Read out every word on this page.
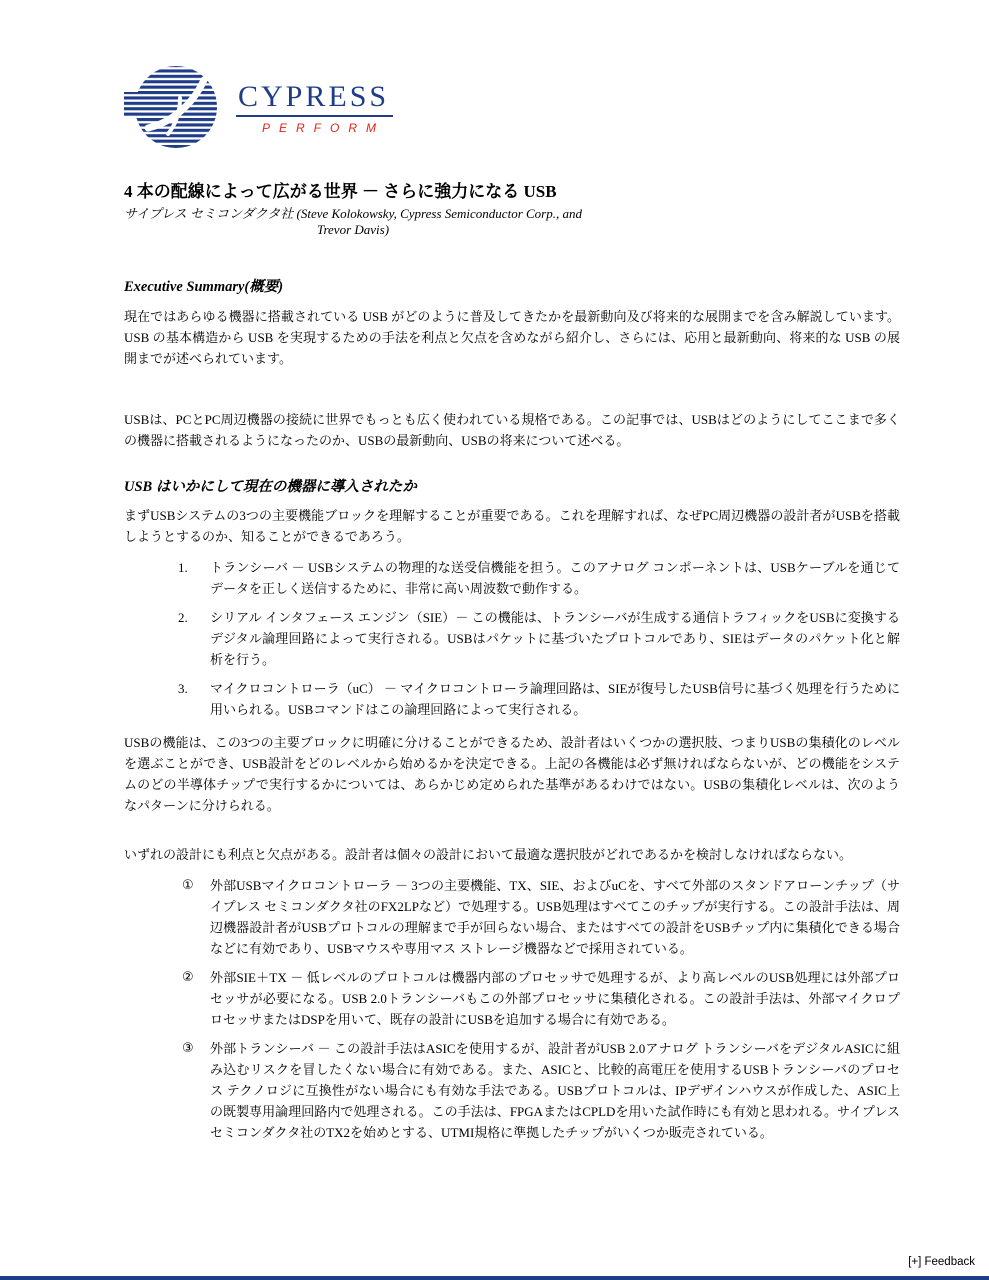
CYPRESS
PERFORM
4 本の配線によって広がる世界 － さらに強力になる USB
サイプレス セミコンダクタ社 (Steve Kolokowsky, Cypress Semiconductor Corp., and
Trevor Davis)
Executive Summary(概要)

現在ではあらゆる機器に搭載されている USB がどのように普及してきたかを最新動向及び将来的な展開までを含み解説しています。USB の基本構造から USB を実現するための手法を利点と欠点を含めながら紹介し、さらには、応用と最新動向、将来的な USB の展開までが述べられています。

USBは、PCとPC周辺機器の接続に世界でもっとも広く使われている規格である。この記事では、USBはどのようにしてここまで多くの機器に搭載されるようになったのか、USBの最新動向、USBの将来について述べる。

USB はいかにして現在の機器に導入されたか

まずUSBシステムの3つの主要機能ブロックを理解することが重要である。これを理解すれば、なぜPC周辺機器の設計者がUSBを搭載しようとするのか、知ることができるであろう。

1.	トランシーバ － USBシステムの物理的な送受信機能を担う。このアナログ コンポーネントは、USBケーブルを通じてデータを正しく送信するために、非常に高い周波数で動作する。
2.	シリアル インタフェース エンジン（SIE）－ この機能は、トランシーバが生成する通信トラフィックをUSBに変換するデジタル論理回路によって実行される。USBはパケットに基づいたプロトコルであり、SIEはデータのパケット化と解析を行う。
3.	マイクロコントローラ（uC） － マイクロコントローラ論理回路は、SIEが復号したUSB信号に基づく処理を行うために用いられる。USBコマンドはこの論理回路によって実行される。

USBの機能は、この3つの主要ブロックに明確に分けることができるため、設計者はいくつかの選択肢、つまりUSBの集積化のレベルを選ぶことができ、USB設計をどのレベルから始めるかを決定できる。上記の各機能は必ず無ければならないが、どの機能をシステムのどの半導体チップで実行するかについては、あらかじめ定められた基準があるわけではない。USBの集積化レベルは、次のようなパターンに分けられる。

いずれの設計にも利点と欠点がある。設計者は個々の設計において最適な選択肢がどれであるかを検討しなければならない。

①	外部USBマイクロコントローラ － 3つの主要機能、TX、SIE、およびuCを、すべて外部のスタンドアローンチップ（サイプレス セミコンダクタ社のFX2LPなど）で処理する。USB処理はすべてこのチップが実行する。この設計手法は、周辺機器設計者がUSBプロトコルの理解まで手が回らない場合、またはすべての設計をUSBチップ内に集積化できる場合などに有効であり、USBマウスや専用マス ストレージ機器などで採用されている。
②	外部SIE＋TX － 低レベルのプロトコルは機器内部のプロセッサで処理するが、より高レベルのUSB処理には外部プロセッサが必要になる。USB 2.0トランシーバもこの外部プロセッサに集積化される。この設計手法は、外部マイクロプロセッサまたはDSPを用いて、既存の設計にUSBを追加する場合に有効である。
③	外部トランシーバ － この設計手法はASICを使用するが、設計者がUSB 2.0アナログ トランシーバをデジタルASICに組み込むリスクを冒したくない場合に有効である。また、ASICと、比較的高電圧を使用するUSBトランシーバのプロセス テクノロジに互換性がない場合にも有効な手法である。USBプロトコルは、IPデザインハウスが作成した、ASIC上の既製専用論理回路内で処理される。この手法は、FPGAまたはCPLDを用いた試作時にも有効と思われる。サイプレス セミコンダクタ社のTX2を始めとする、UTMI規格に準拠したチップがいくつか販売されている。
[+] Feedback
